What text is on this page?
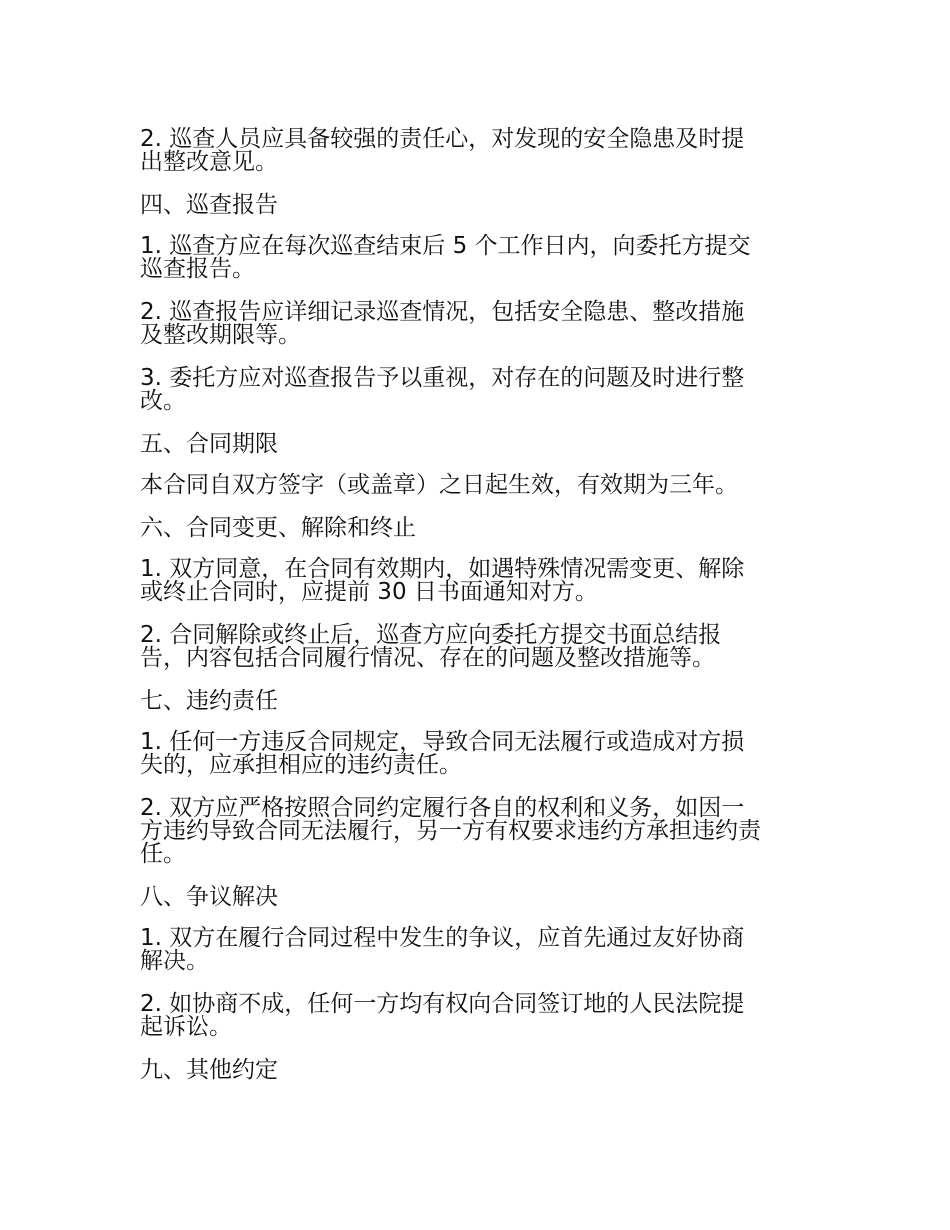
2. 巡查人员应具备较强的责任心，对发现的安全隐患及时提
出整改意见。
四、巡查报告
1. 巡查方应在每次巡查结束后 5 个工作日内，向委托方提交
巡查报告。
2. 巡查报告应详细记录巡查情况，包括安全隐患、整改措施
及整改期限等。
3. 委托方应对巡查报告予以重视，对存在的问题及时进行整
改。
五、合同期限
本合同自双方签字（或盖章）之日起生效，有效期为三年。
六、合同变更、解除和终止
1. 双方同意，在合同有效期内，如遇特殊情况需变更、解除
或终止合同时，应提前 30 日书面通知对方。
2. 合同解除或终止后，巡查方应向委托方提交书面总结报
告，内容包括合同履行情况、存在的问题及整改措施等。
七、违约责任
1. 任何一方违反合同规定，导致合同无法履行或造成对方损
失的，应承担相应的违约责任。
2. 双方应严格按照合同约定履行各自的权利和义务，如因一
方违约导致合同无法履行，另一方有权要求违约方承担违约责
任。
八、争议解决
1. 双方在履行合同过程中发生的争议，应首先通过友好协商
解决。
2. 如协商不成，任何一方均有权向合同签订地的人民法院提
起诉讼。
九、其他约定
